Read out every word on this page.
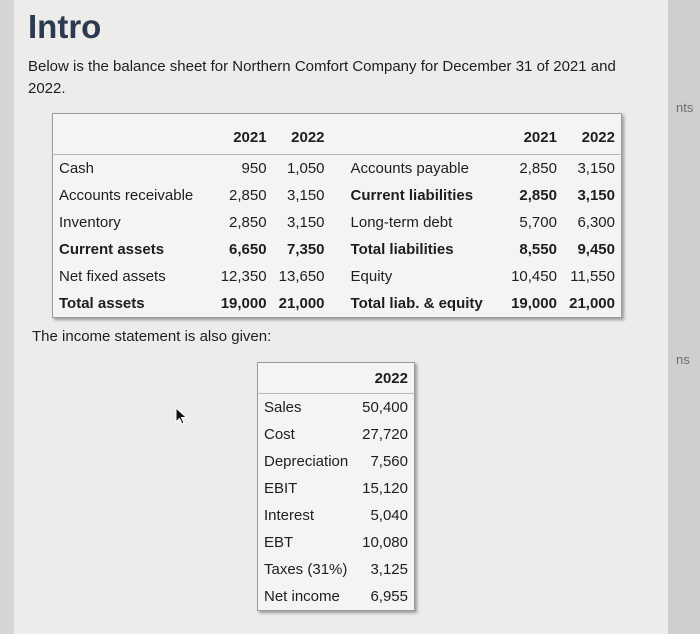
nts
ns
Intro

Below is the balance sheet for Northern Comfort Company for December 31 of 2021 and 2022.

	2021	2022		2021	2022
Cash	950	1,050	Accounts payable	2,850	3,150
Accounts receivable	2,850	3,150	Current liabilities	2,850	3,150
Inventory	2,850	3,150	Long-term debt	5,700	6,300
Current assets	6,650	7,350	Total liabilities	8,550	9,450
Net fixed assets	12,350	13,650	Equity	10,450	11,550
Total assets	19,000	21,000	Total liab. & equity	19,000	21,000

The income statement is also given:

	2022
Sales	50,400
Cost	27,720
Depreciation	7,560
EBIT	15,120
Interest	5,040
EBT	10,080
Taxes (31%)	3,125
Net income	6,955
